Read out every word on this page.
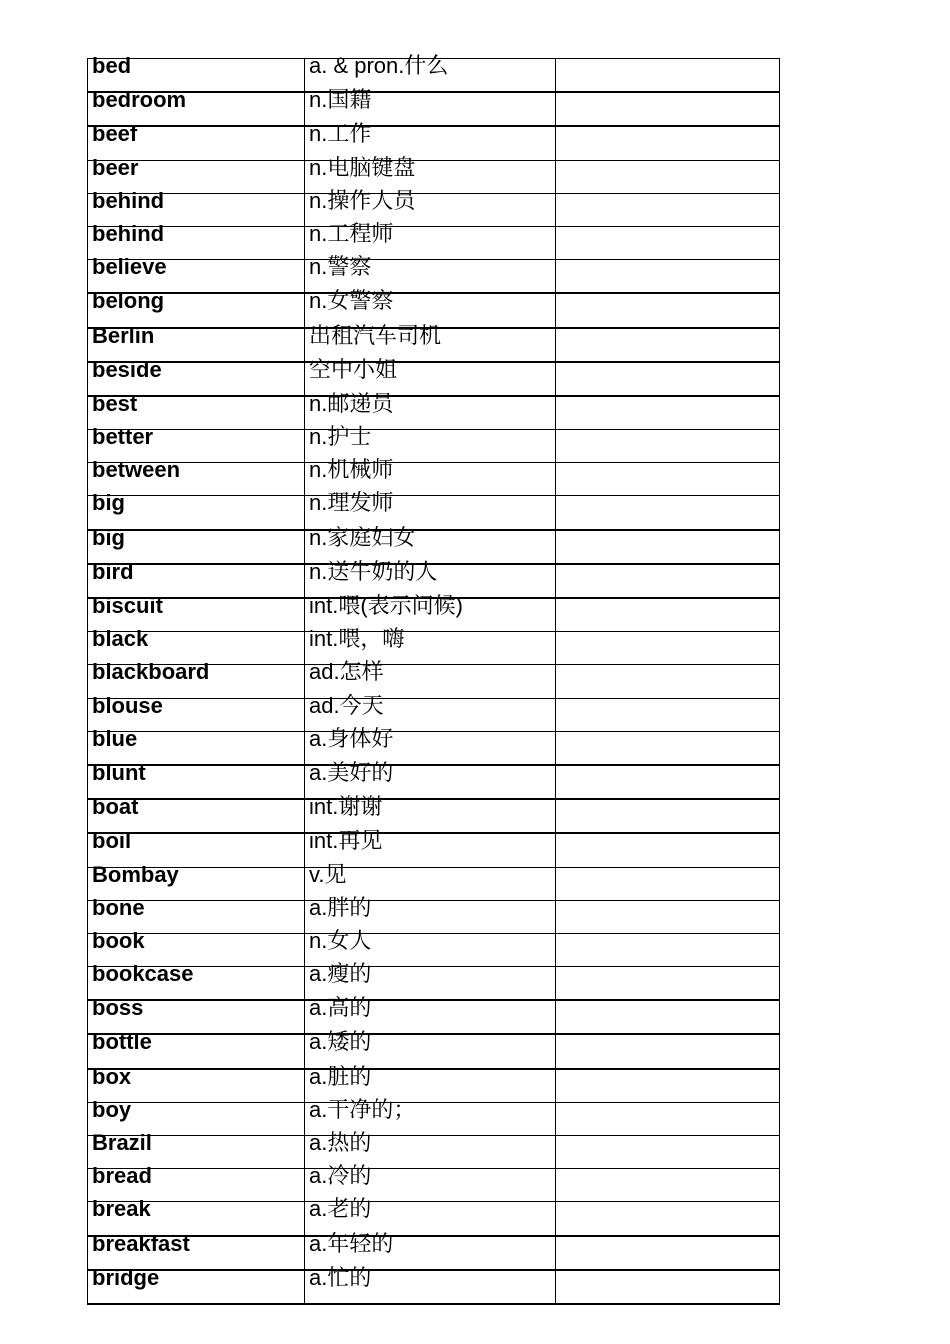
bed	a. & pron.什么	
bedroom	n.国籍	
beef	n.工作	
beer	n.电脑键盘	
behind	n.操作人员	
behind	n.工程师	
believe	n.警察	
belong	n.女警察	
Berlin	出租汽车司机	
beside	空中小姐	
best	n.邮递员	
better	n.护士	
between	n.机械师	
big	n.理发师	
big	n.家庭妇女	
bird	n.送牛奶的人	
biscuit	int.喂(表示问候)	
black	int.喂，嗨	
blackboard	ad.怎样	
blouse	ad.今天	
blue	a.身体好	
blunt	a.美好的	
boat	int.谢谢	
boil	int.再见	
Bombay	v.见	
bone	a.胖的	
book	n.女人	
bookcase	a.瘦的	
boss	a.高的	
bottle	a.矮的	
box	a.脏的	
boy	a.干净的；	
Brazil	a.热的	
bread	a.冷的	
break	a.老的	
breakfast	a.年轻的	
bridge	a.忙的	
